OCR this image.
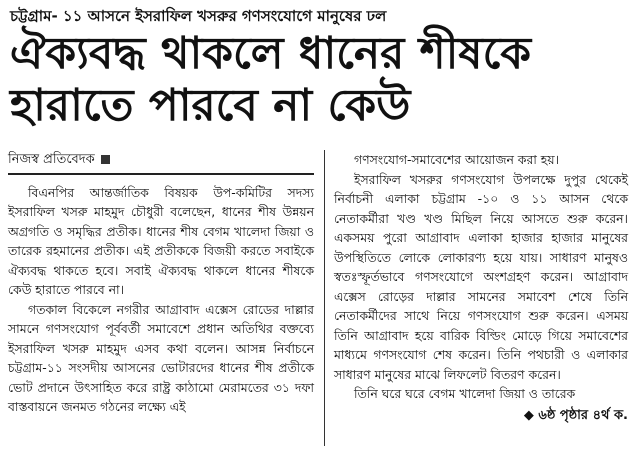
চট্টগ্রাম- ১১ আসনে ইসরাফিল খসরুর গণসংযোগে মানুষের ঢল
ঐক্যবদ্ধ থাকলে ধানের শীষকে
হারাতে পারবে না কেউ
নিজস্ব প্রতিবেদক

বিএনপির আন্তর্জাতিক বিষয়ক উপ-কমিটির সদস্য ইসরাফিল খসরু মাহমুদ চৌধুরী বলেছেন, ধানের শীষ উন্নয়ন অগ্রগতি ও সমৃদ্ধির প্রতীক। ধানের শীষ বেগম খালেদা জিয়া ও তারেক রহমানের প্রতীক। এই প্রতীককে বিজয়ী করতে সবাইকে ঐক্যবদ্ধ থাকতে হবে। সবাই ঐক্যবদ্ধ থাকলে ধানের শীষকে কেউ হারাতে পারবে না।

গতকাল বিকেলে নগরীর আগ্রাবাদ এক্সেস রোডের দাল্লার সামনে গণসংযোগ পূর্ববর্তী সমাবেশে প্রধান অতিথির বক্তব্যে ইসরাফিল খসরু মাহমুদ এসব কথা বলেন। আসন্ন নির্বাচনে চট্টগ্রাম-১১ সংসদীয় আসনের ভোটারদের ধানের শীষ প্রতীকে ভোট প্রদানে উৎসাহিত করে রাষ্ট্র কাঠামো মেরামতের ৩১ দফা বাস্তবায়নে জনমত গঠনের লক্ষ্যে এই

গণসংযোগ-সমাবেশের আয়োজন করা হয়।

ইসরাফিল খসরুর গণসংযোগ উপলক্ষে দুপুর থেকেই নির্বাচনী এলাকা চট্টগ্রাম -১০ ও ১১ আসন থেকে নেতাকর্মীরা খণ্ড খণ্ড মিছিল নিয়ে আসতে শুরু করেন। একসময় পুরো আগ্রাবাদ এলাকা হাজার হাজার মানুষের উপস্থিতিতে লোকে লোকারণ্য হয়ে যায়। সাধারণ মানুষও স্বতঃস্ফূর্তভাবে গণসংযোগে অংশগ্রহণ করেন। আগ্রাবাদ এক্সেস রোড়ের দাল্লার সামনের সমাবেশ শেষে তিনি নেতাকর্মীদের সাথে নিয়ে গণসংযোগ শুরু করেন। এসময় তিনি আগ্রাবাদ হয়ে বারিক বিল্ডিং মোড়ে গিয়ে সমাবেশের মাধ্যমে গণসংযোগ শেষ করেন। তিনি পথচারী ও এলাকার সাধারণ মানুষের মাঝে লিফলেট বিতরণ করেন।

তিনি ঘরে ঘরে বেগম খালেদা জিয়া ও তারেক

◆ ৬ষ্ঠ পৃষ্ঠার ৪র্থ ক.
